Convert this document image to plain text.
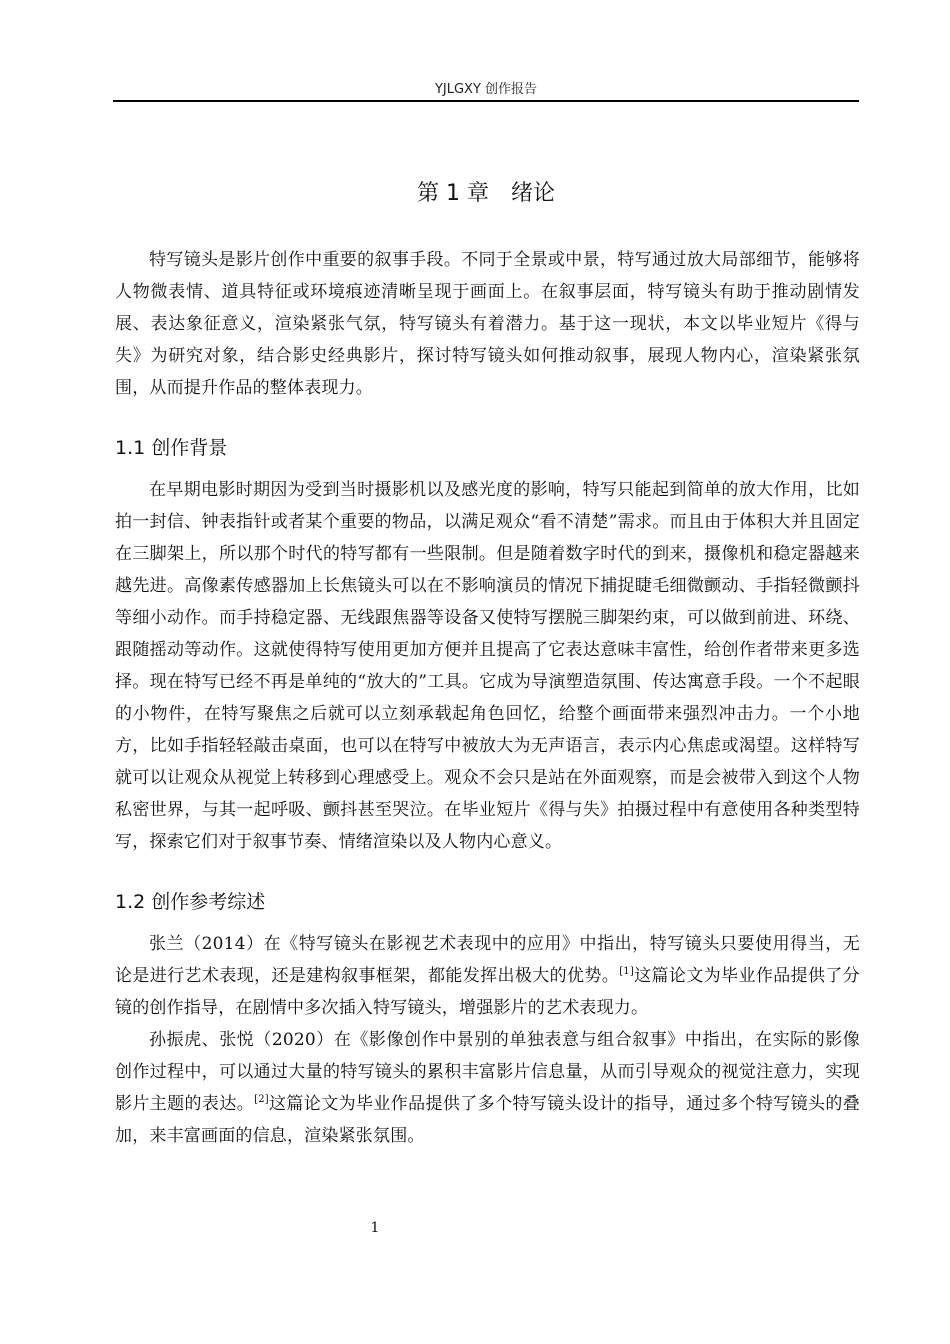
YJLGXY 创作报告
第 1 章　绪论

特写镜头是影片创作中重要的叙事手段。不同于全景或中景，特写通过放大局部细节，能够将人物微表情、道具特征或环境痕迹清晰呈现于画面上。在叙事层面，特写镜头有助于推动剧情发展、表达象征意义，渲染紧张气氛，特写镜头有着潜力。基于这一现状，本文以毕业短片《得与失》为研究对象，结合影史经典影片，探讨特写镜头如何推动叙事，展现人物内心，渲染紧张氛围，从而提升作品的整体表现力。

1.1 创作背景

在早期电影时期因为受到当时摄影机以及感光度的影响，特写只能起到简单的放大作用，比如拍一封信、钟表指针或者某个重要的物品，以满足观众“看不清楚”需求。而且由于体积大并且固定在三脚架上，所以那个时代的特写都有一些限制。但是随着数字时代的到来，摄像机和稳定器越来越先进。高像素传感器加上长焦镜头可以在不影响演员的情况下捕捉睫毛细微颤动、手指轻微颤抖等细小动作。而手持稳定器、无线跟焦器等设备又使特写摆脱三脚架约束，可以做到前进、环绕、跟随摇动等动作。这就使得特写使用更加方便并且提高了它表达意味丰富性，给创作者带来更多选择。现在特写已经不再是单纯的“放大的”工具。它成为导演塑造氛围、传达寓意手段。一个不起眼的小物件，在特写聚焦之后就可以立刻承载起角色回忆，给整个画面带来强烈冲击力。一个小地方，比如手指轻轻敲击桌面，也可以在特写中被放大为无声语言，表示内心焦虑或渴望。这样特写就可以让观众从视觉上转移到心理感受上。观众不会只是站在外面观察，而是会被带入到这个人物私密世界，与其一起呼吸、颤抖甚至哭泣。在毕业短片《得与失》拍摄过程中有意使用各种类型特写，探索它们对于叙事节奏、情绪渲染以及人物内心意义。

1.2 创作参考综述

张兰（2014）在《特写镜头在影视艺术表现中的应用》中指出，特写镜头只要使用得当，无论是进行艺术表现，还是建构叙事框架，都能发挥出极大的优势。[1]这篇论文为毕业作品提供了分镜的创作指导，在剧情中多次插入特写镜头，增强影片的艺术表现力。

孙振虎、张悦（2020）在《影像创作中景别的单独表意与组合叙事》中指出，在实际的影像创作过程中，可以通过大量的特写镜头的累积丰富影片信息量，从而引导观众的视觉注意力，实现影片主题的表达。[2]这篇论文为毕业作品提供了多个特写镜头设计的指导，通过多个特写镜头的叠加，来丰富画面的信息，渲染紧张氛围。

1
